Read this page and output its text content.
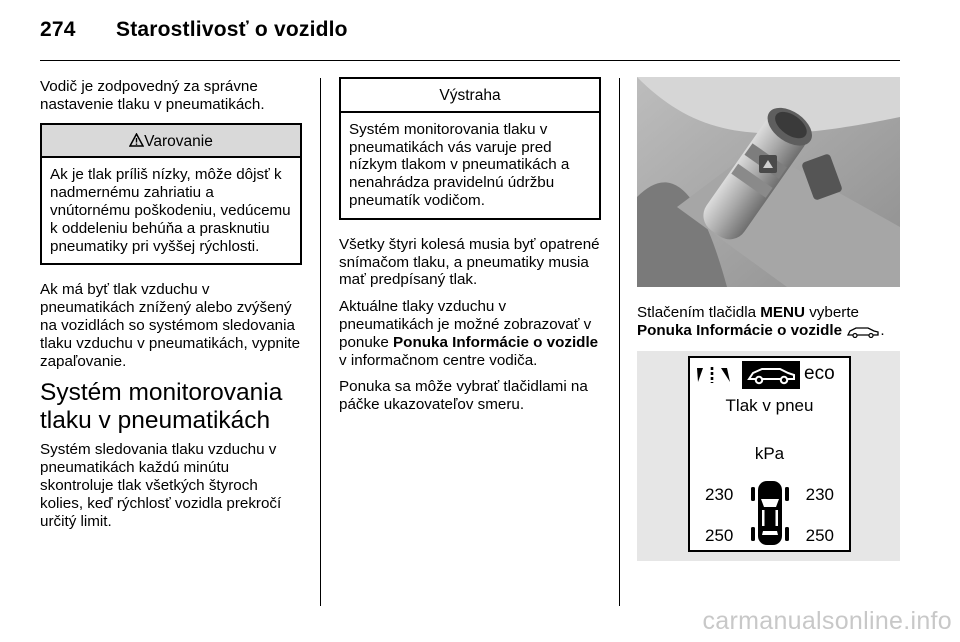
274 Starostlivosť o vozidlo

Vodič je zodpovedný za správne nastavenie tlaku v pneumatikách.

Varovanie
Ak je tlak príliš nízky, môže dôjsť k nadmernému zahriatiu a vnútornému poškodeniu, vedúcemu k oddeleniu behúňa a prasknutiu pneumatiky pri vyššej rýchlosti.

Ak má byť tlak vzduchu v pneumatikách znížený alebo zvýšený na vozidlách so systémom sledovania tlaku vzduchu v pneumatikách, vypnite zapaľovanie.

Systém monitorovania tlaku v pneumatikách

Systém sledovania tlaku vzduchu v pneumatikách každú minútu skontroluje tlak všetkých štyroch kolies, keď rýchlosť vozidla prekročí určitý limit.

Výstraha
Systém monitorovania tlaku v pneumatikách vás varuje pred nízkym tlakom v pneumatikách a nenahrádza pravidelnú údržbu pneumatík vodičom.

Všetky štyri kolesá musia byť opatrené snímačom tlaku, a pneumatiky musia mať predpísaný tlak.

Aktuálne tlaky vzduchu v pneumatikách je možné zobrazovať v ponuke Ponuka Informácie o vozidle v informačnom centre vodiča.

Ponuka sa môže vybrať tlačidlami na páčke ukazovateľov smeru.

Stlačením tlačidla MENU vyberte
Ponuka Informácie o vozidle	.
eco
Tlak v pneu
kPa
230	230
250	250
carmanualsonline.info
